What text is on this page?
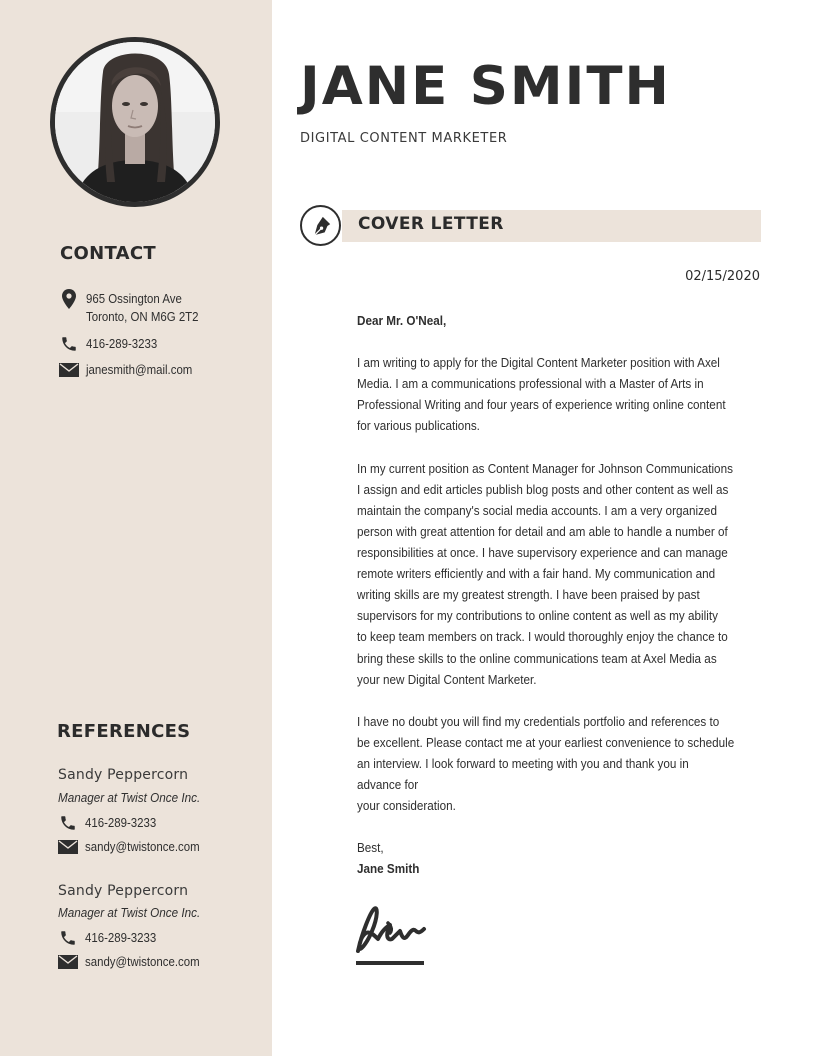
CONTACT
965 Ossington Ave
Toronto, ON M6G 2T2
416-289-3233
janesmith@mail.com
REFERENCES
Sandy Peppercorn
Manager at Twist Once Inc.
416-289-3233
sandy@twistonce.com
Sandy Peppercorn
Manager at Twist Once Inc.
416-289-3233
sandy@twistonce.com
JANE SMITH
DIGITAL CONTENT MARKETER
COVER LETTER
02/15/2020
Dear Mr. O'Neal,
I am writing to apply for the Digital Content Marketer position with Axel
Media. I am a communications professional with a Master of Arts in
Professional Writing and four years of experience writing online content
for various publications.
In my current position as Content Manager for Johnson Communications
I assign and edit articles publish blog posts and other content as well as
maintain the company's social media accounts. I am a very organized
person with great attention for detail and am able to handle a number of
responsibilities at once. I have supervisory experience and can manage
remote writers efficiently and with a fair hand. My communication and
writing skills are my greatest strength. I have been praised by past
supervisors for my contributions to online content as well as my ability
to keep team members on track. I would thoroughly enjoy the chance to
bring these skills to the online communications team at Axel Media as
your new Digital Content Marketer.
I have no doubt you will find my credentials portfolio and references to
be excellent. Please contact me at your earliest convenience to schedule
an interview. I look forward to meeting with you and thank you in
advance for
your consideration.
Best,
Jane Smith
